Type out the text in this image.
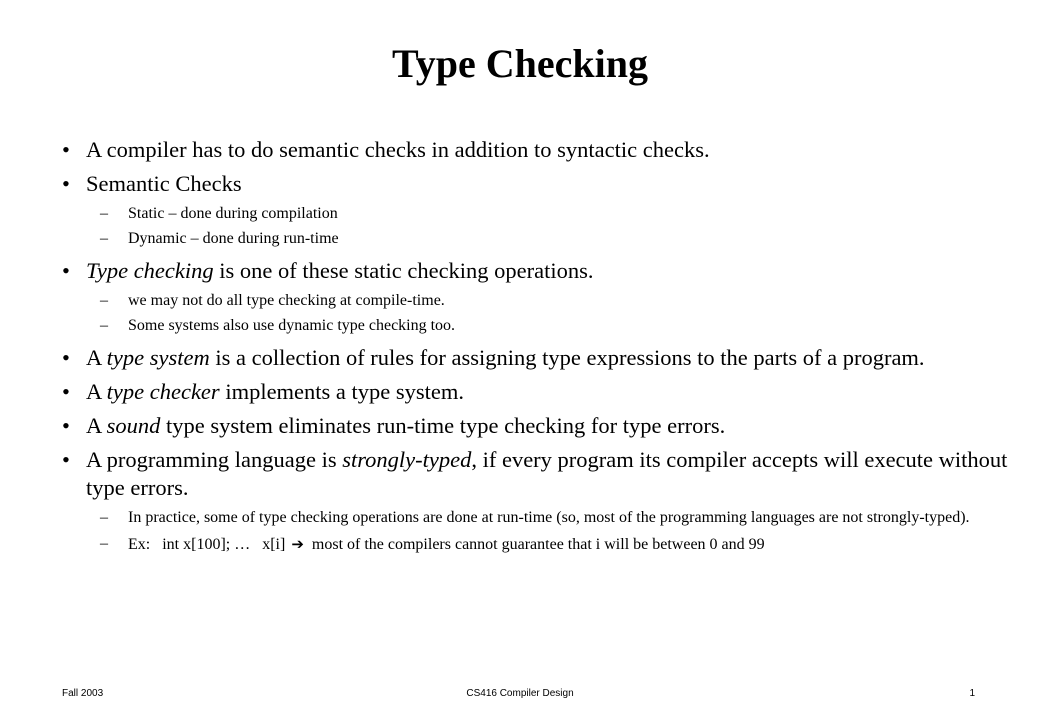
Type Checking
• A compiler has to do semantic checks in addition to syntactic checks.
• Semantic Checks
– Static – done during compilation
– Dynamic – done during run-time
• Type checking is one of these static checking operations.
– we may not do all type checking at compile-time.
– Some systems also use dynamic type checking too.
• A type system is a collection of rules for assigning type expressions to the parts of a program.
• A type checker implements a type system.
• A sound type system eliminates run-time type checking for type errors.
• A programming language is strongly-typed, if every program its compiler accepts will execute without type errors.
– In practice, some of type checking operations are done at run-time (so, most of the programming languages are not strongly-typed).
– Ex:   int x[100]; …   x[i] ➔ most of the compilers cannot guarantee that i will be between 0 and 99
Fall 2003	CS416 Compiler Design	1
